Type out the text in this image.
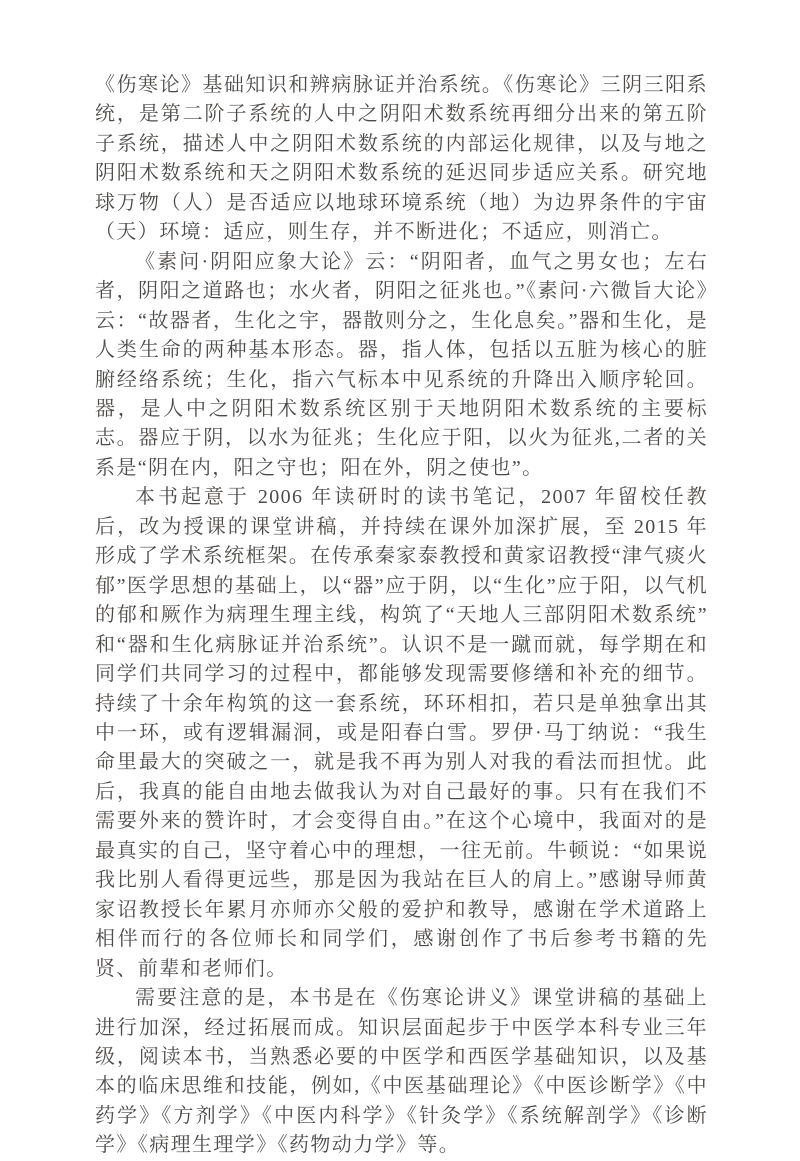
《伤寒论》基础知识和辨病脉证并治系统。《伤寒论》三阴三阳系统，是第二阶子系统的人中之阴阳术数系统再细分出来的第五阶子系统，描述人中之阴阳术数系统的内部运化规律，以及与地之阴阳术数系统和天之阴阳术数系统的延迟同步适应关系。研究地球万物（人）是否适应以地球环境系统（地）为边界条件的宇宙（天）环境：适应，则生存，并不断进化；不适应，则消亡。

《素问·阴阳应象大论》云：“阴阳者，血气之男女也；左右者，阴阳之道路也；水火者，阴阳之征兆也。”《素问·六微旨大论》云：“故器者，生化之宇，器散则分之，生化息矣。”器和生化，是人类生命的两种基本形态。器，指人体，包括以五脏为核心的脏腑经络系统；生化，指六气标本中见系统的升降出入顺序轮回。器，是人中之阴阳术数系统区别于天地阴阳术数系统的主要标志。器应于阴，以水为征兆；生化应于阳，以火为征兆,二者的关系是“阴在内，阳之守也；阳在外，阴之使也”。

本书起意于 2006 年读研时的读书笔记，2007 年留校任教后，改为授课的课堂讲稿，并持续在课外加深扩展，至 2015 年形成了学术系统框架。在传承秦家泰教授和黄家诏教授“津气痰火郁”医学思想的基础上，以“器”应于阴，以“生化”应于阳，以气机的郁和厥作为病理生理主线，构筑了“天地人三部阴阳术数系统”和“器和生化病脉证并治系统”。认识不是一蹴而就，每学期在和同学们共同学习的过程中，都能够发现需要修缮和补充的细节。持续了十余年构筑的这一套系统，环环相扣，若只是单独拿出其中一环，或有逻辑漏洞，或是阳春白雪。罗伊·马丁纳说：“我生命里最大的突破之一，就是我不再为别人对我的看法而担忧。此后，我真的能自由地去做我认为对自己最好的事。只有在我们不需要外来的赞许时，才会变得自由。”在这个心境中，我面对的是最真实的自己，坚守着心中的理想，一往无前。牛顿说：“如果说我比别人看得更远些，那是因为我站在巨人的肩上。”感谢导师黄家诏教授长年累月亦师亦父般的爱护和教导，感谢在学术道路上相伴而行的各位师长和同学们，感谢创作了书后参考书籍的先贤、前辈和老师们。

需要注意的是，本书是在《伤寒论讲义》课堂讲稿的基础上进行加深，经过拓展而成。知识层面起步于中医学本科专业三年级，阅读本书，当熟悉必要的中医学和西医学基础知识，以及基本的临床思维和技能，例如,《中医基础理论》《中医诊断学》《中药学》《方剂学》《中医内科学》《针灸学》《系统解剖学》《诊断学》《病理生理学》《药物动力学》等。
